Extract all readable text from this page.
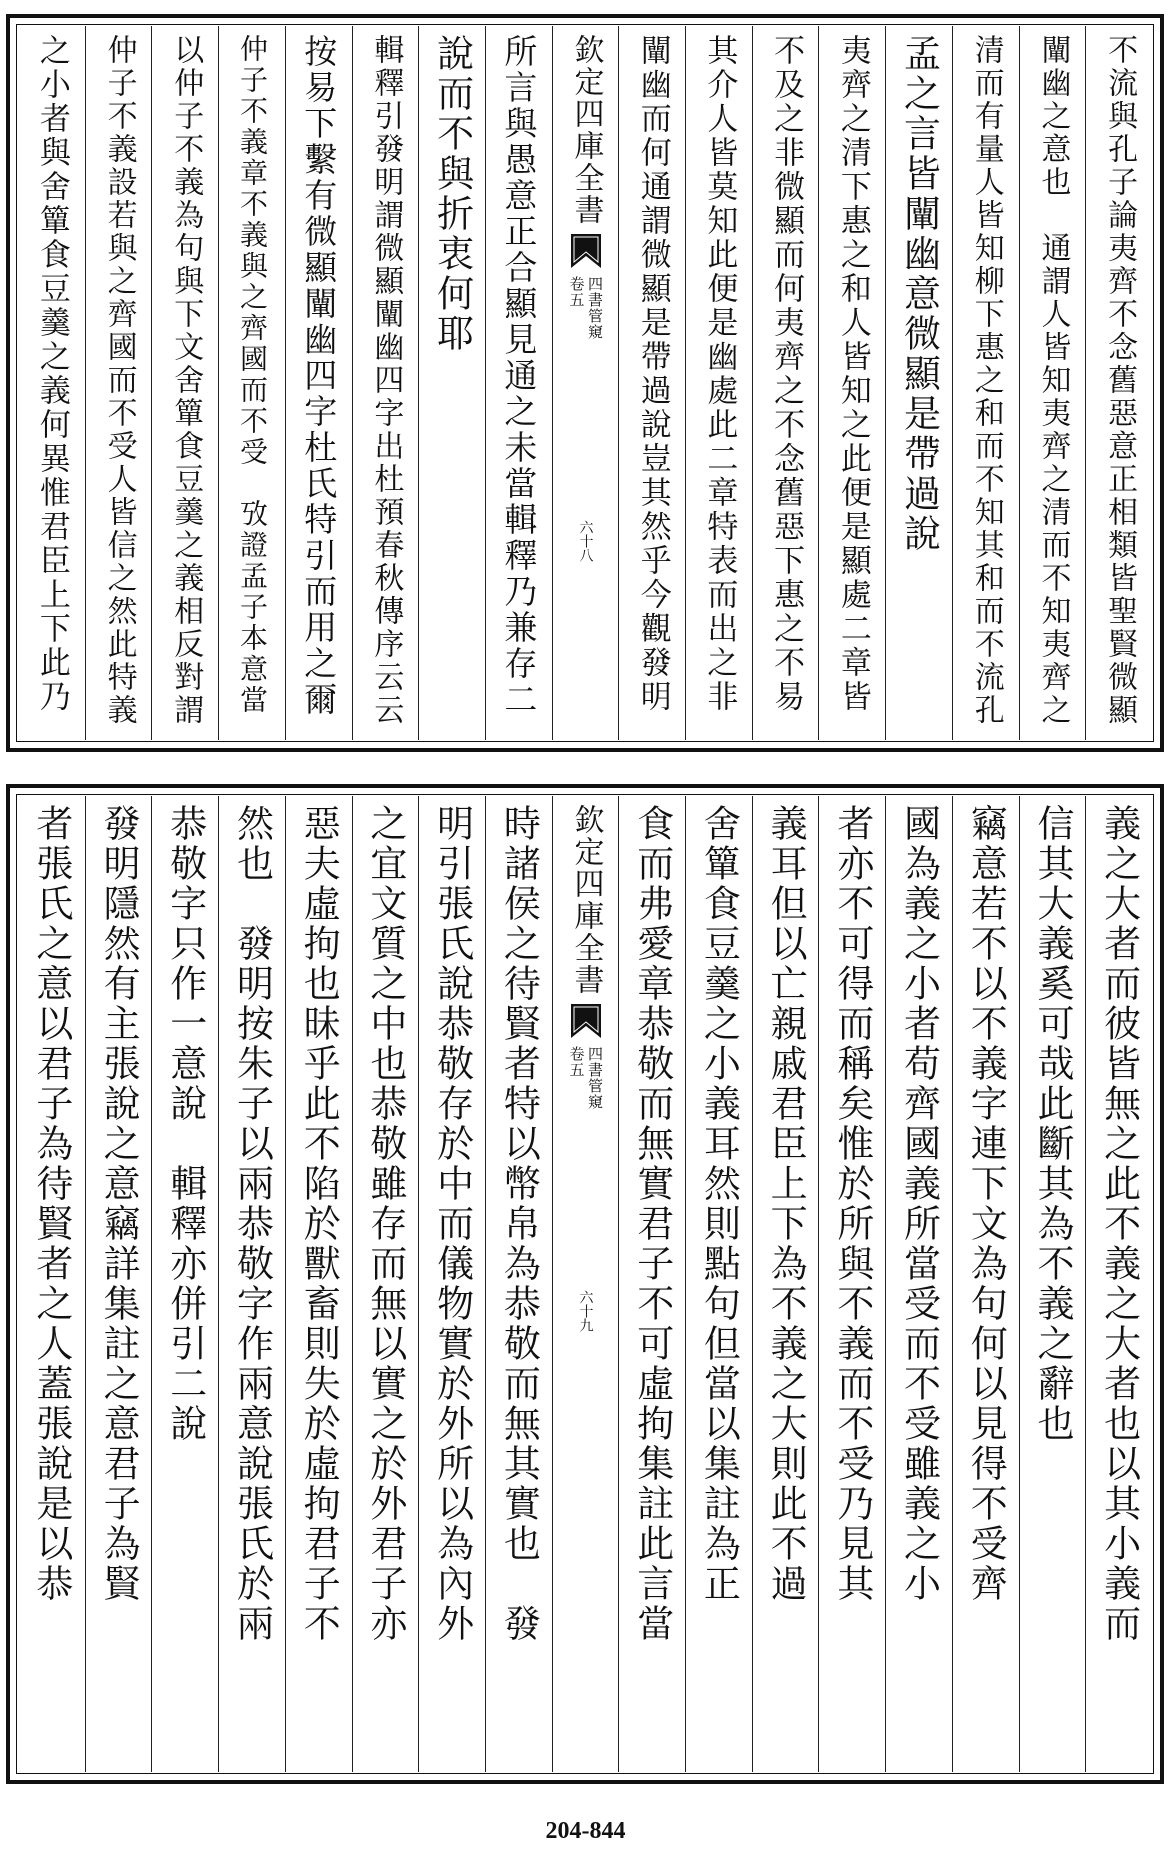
不流與孔子論夷齊不念舊惡意正相類皆聖賢微顯
闡幽之意也　通謂人皆知夷齊之清而不知夷齊之
清而有量人皆知柳下惠之和而不知其和而不流孔
孟之言皆闡幽意微顯是帶過說
夷齊之清下惠之和人皆知之此便是顯處二章皆
不及之非微顯而何夷齊之不念舊惡下惠之不易
其介人皆莫知此便是幽處此二章特表而出之非
闡幽而何通謂微顯是帶過說豈其然乎今觀發明
欽定四庫全書
四書管窺
卷五
六十八
所言與愚意正合顯見通之未當輯釋乃兼存二
說而不與折衷何耶
輯釋引發明謂微顯闡幽四字出杜預春秋傳序云云
按易下繫有微顯闡幽四字杜氏特引而用之爾
仲子不義章不義與之齊國而不受　攷證孟子本意當
以仲子不義為句與下文舍簞食豆羹之義相反對謂
仲子不義設若與之齊國而不受人皆信之然此特義
之小者與舍簞食豆羹之義何異惟君臣上下此乃
義之大者而彼皆無之此不義之大者也以其小義而
信其大義奚可哉此斷其為不義之辭也
竊意若不以不義字連下文為句何以見得不受齊
國為義之小者苟齊國義所當受而不受雖義之小
者亦不可得而稱矣惟於所與不義而不受乃見其
義耳但以亡親戚君臣上下為不義之大則此不過
舍簞食豆羹之小義耳然則點句但當以集註為正
食而弗愛章恭敬而無實君子不可虛拘集註此言當
欽定四庫全書
四書管窺
卷五
六十九
時諸侯之待賢者特以幣帛為恭敬而無其實也　發
明引張氏說恭敬存於中而儀物實於外所以為內外
之宜文質之中也恭敬雖存而無以實之於外君子亦
惡夫虛拘也昧乎此不陷於獸畜則失於虛拘君子不
然也　發明按朱子以兩恭敬字作兩意說張氏於兩
恭敬字只作一意說　輯釋亦併引二說
發明隱然有主張說之意竊詳集註之意君子為賢
者張氏之意以君子為待賢者之人蓋張說是以恭
204-844
